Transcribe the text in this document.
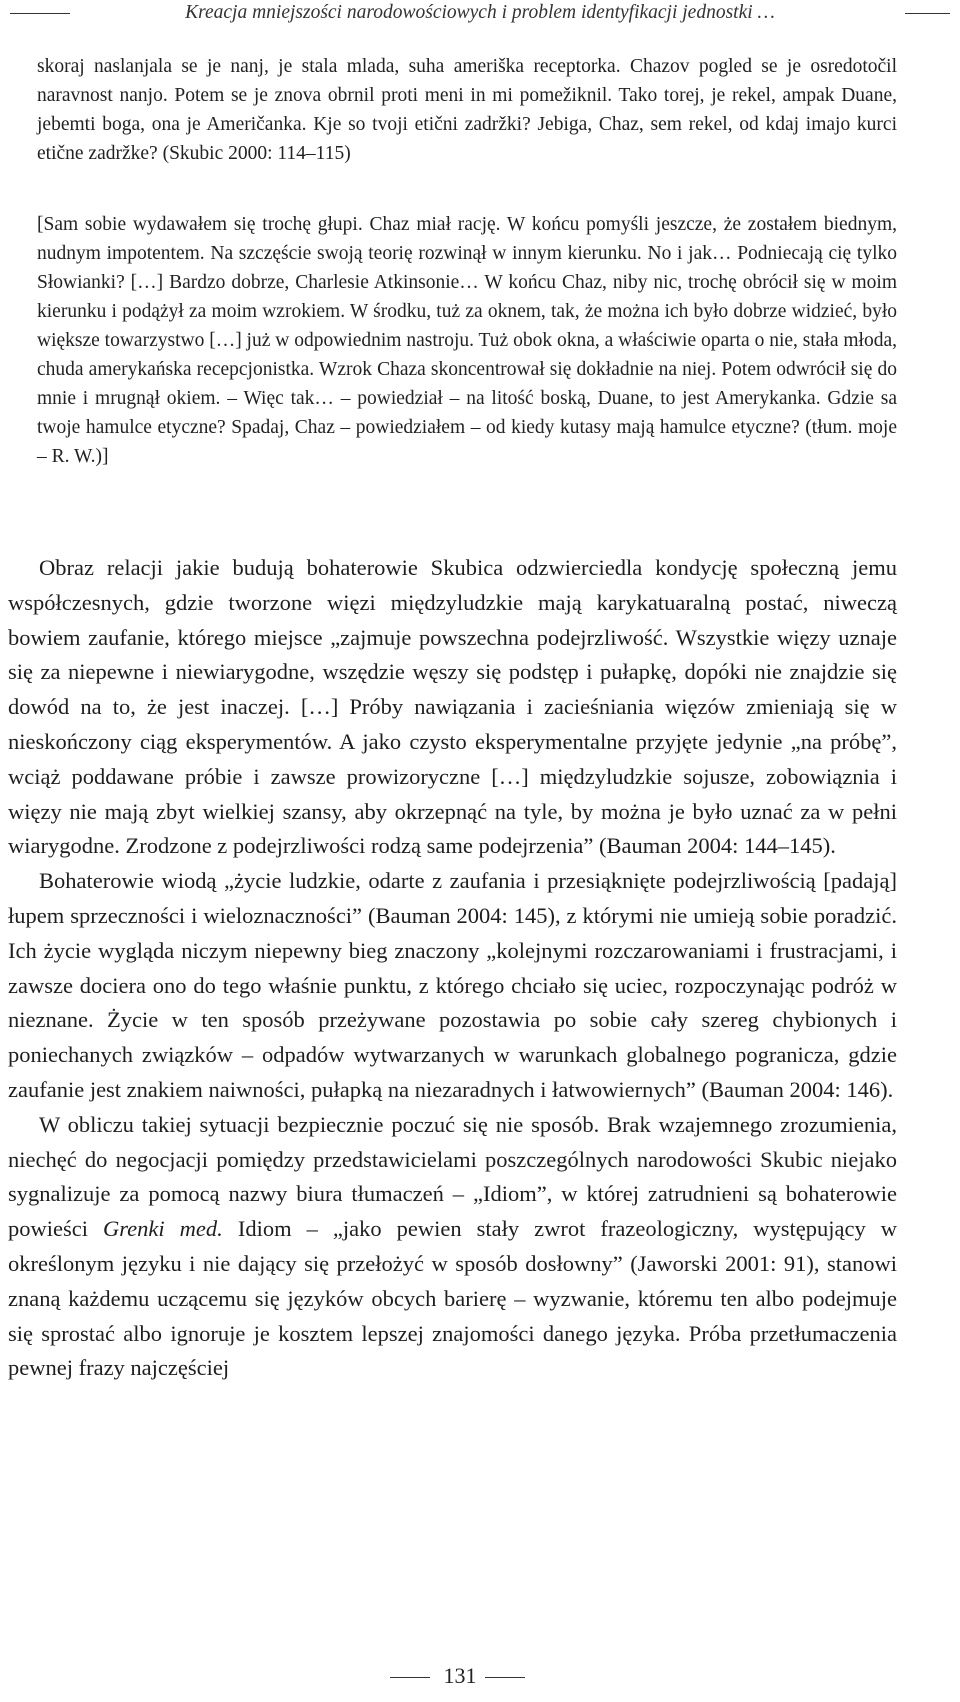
Kreacja mniejszości narodowościowych i problem identyfikacji jednostki …

skoraj naslanjala se je nanj, je stala mlada, suha ameriška receptorka. Chazov pogled se je osredotočil naravnost nanjo. Potem se je znova obrnil proti meni in mi pomežiknil. Tako torej, je rekel, ampak Duane, jebemti boga, ona je Američanka. Kje so tvoji etični zadržki? Jebiga, Chaz, sem rekel, od kdaj imajo kurci etične zadržke? (Skubic 2000: 114–115)

[Sam sobie wydawałem się trochę głupi. Chaz miał rację. W końcu pomyśli jeszcze, że zostałem biednym, nudnym impotentem. Na szczęście swoją teorię rozwinął w innym kierunku. No i jak… Podniecają cię tylko Słowianki? […] Bardzo dobrze, Charlesie Atkinsonie… W końcu Chaz, niby nic, trochę obrócił się w moim kierunku i podążył za moim wzrokiem. W środku, tuż za oknem, tak, że można ich było dobrze widzieć, było większe towarzystwo […] już w odpowiednim nastroju. Tuż obok okna, a właściwie oparta o nie, stała młoda, chuda amerykańska recepcjonistka. Wzrok Chaza skoncentrował się dokładnie na niej. Potem odwrócił się do mnie i mrugnął okiem. – Więc tak… – powiedział – na litość boską, Duane, to jest Amerykanka. Gdzie sa twoje hamulce etyczne? Spadaj, Chaz – powiedziałem – od kiedy kutasy mają hamulce etyczne? (tłum. moje – R. W.)]

Obraz relacji jakie budują bohaterowie Skubica odzwierciedla kondycję społeczną jemu współczesnych, gdzie tworzone więzi międzyludzkie mają karykatuaralną postać, niweczą bowiem zaufanie, którego miejsce „zajmuje powszechna podejrzliwość. Wszystkie więzy uznaje się za niepewne i niewiarygodne, wszędzie węszy się podstęp i pułapkę, dopóki nie znajdzie się dowód na to, że jest inaczej. […] Próby nawiązania i zacieśniania więzów zmieniają się w nieskończony ciąg eksperymentów. A jako czysto eksperymentalne przyjęte jedynie „na próbę”, wciąż poddawane próbie i zawsze prowizoryczne […] międzyludzkie sojusze, zobowiąznia i więzy nie mają zbyt wielkiej szansy, aby okrzepnąć na tyle, by można je było uznać za w pełni wiarygodne. Zrodzone z podejrzliwości rodzą same podejrzenia” (Bauman 2004: 144–145).

Bohaterowie wiodą „życie ludzkie, odarte z zaufania i przesiąknięte podejrzliwością [padają] łupem sprzeczności i wieloznaczności” (Bauman 2004: 145), z którymi nie umieją sobie poradzić. Ich życie wygląda niczym niepewny bieg znaczony „kolejnymi rozczarowaniami i frustracjami, i zawsze dociera ono do tego właśnie punktu, z którego chciało się uciec, rozpoczynając podróż w nieznane. Życie w ten sposób przeżywane pozostawia po sobie cały szereg chybionych i poniechanych związków – odpadów wytwarzanych w warunkach globalnego pogranicza, gdzie zaufanie jest znakiem naiwności, pułapką na niezaradnych i łatwowiernych” (Bauman 2004: 146).

W obliczu takiej sytuacji bezpiecznie poczuć się nie sposób. Brak wzajemnego zrozumienia, niechęć do negocjacji pomiędzy przedstawicielami poszczególnych narodowości Skubic niejako sygnalizuje za pomocą nazwy biura tłumaczeń – „Idiom”, w której zatrudnieni są bohaterowie powieści Grenki med. Idiom – „jako pewien stały zwrot frazeologiczny, występujący w określonym języku i nie dający się przełożyć w sposób dosłowny” (Jaworski 2001: 91), stanowi znaną każdemu uczącemu się języków obcych barierę – wyzwanie, któremu ten albo podejmuje się sprostać albo ignoruje je kosztem lepszej znajomości danego języka. Próba przetłumaczenia pewnej frazy najczęściej

131
